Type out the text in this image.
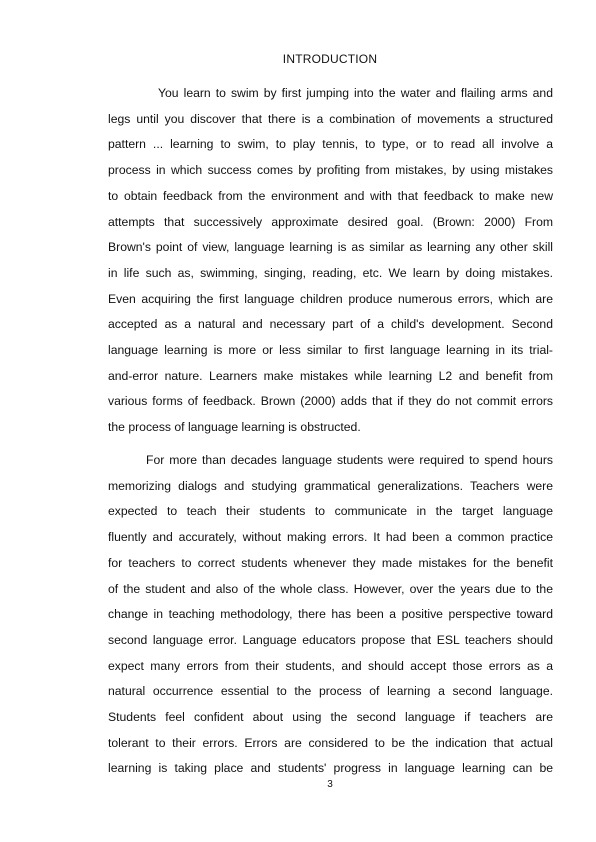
INTRODUCTION
You learn to swim by first jumping into the water and flailing arms and
legs until you discover that there is a combination of movements a structured
pattern ... learning to swim, to play tennis, to type, or to read all involve a
process in which success comes by profiting from mistakes, by using mistakes
to obtain feedback from the environment and with that feedback to make new
attempts that successively approximate desired goal. (Brown: 2000) From
Brown's point of view, language learning is as similar as learning any other skill
in life such as, swimming, singing, reading, etc. We learn by doing mistakes.
Even acquiring the first language children produce numerous errors, which are
accepted as a natural and necessary part of a child's development. Second
language learning is more or less similar to first language learning in its trial-
and-error nature. Learners make mistakes while learning L2 and benefit from
various forms of feedback. Brown (2000) adds that if they do not commit errors
the process of language learning is obstructed.
For more than decades language students were required to spend hours
memorizing dialogs and studying grammatical generalizations. Teachers were
expected to teach their students to communicate in the target language
fluently and accurately, without making errors. It had been a common practice
for teachers to correct students whenever they made mistakes for the benefit
of the student and also of the whole class. However, over the years due to the
change in teaching methodology, there has been a positive perspective toward
second language error. Language educators propose that ESL teachers should
expect many errors from their students, and should accept those errors as a
natural occurrence essential to the process of learning a second language.
Students feel confident about using the second language if teachers are
tolerant to their errors. Errors are considered to be the indication that actual
learning is taking place and students' progress in language learning can be

3
